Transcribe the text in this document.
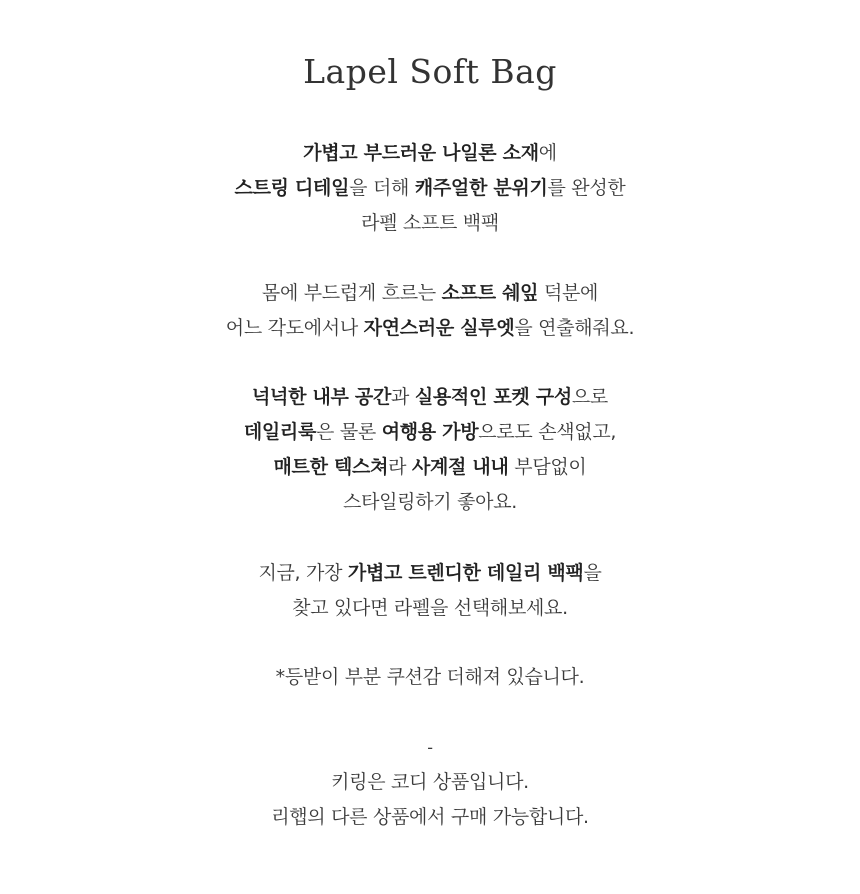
Lapel Soft Bag
가볍고 부드러운 나일론 소재에
스트링 디테일을 더해 캐주얼한 분위기를 완성한
라펠 소프트 백팩
몸에 부드럽게 흐르는 소프트 쉐잎 덕분에
어느 각도에서나 자연스러운 실루엣을 연출해줘요.
넉넉한 내부 공간과 실용적인 포켓 구성으로
데일리룩은 물론 여행용 가방으로도 손색없고,
매트한 텍스쳐라 사계절 내내 부담없이
스타일링하기 좋아요.
지금, 가장 가볍고 트렌디한 데일리 백팩을
찾고 있다면 라펠을 선택해보세요.
*등받이 부분 쿠션감 더해져 있습니다.
-
키링은 코디 상품입니다.
리햅의 다른 상품에서 구매 가능합니다.
